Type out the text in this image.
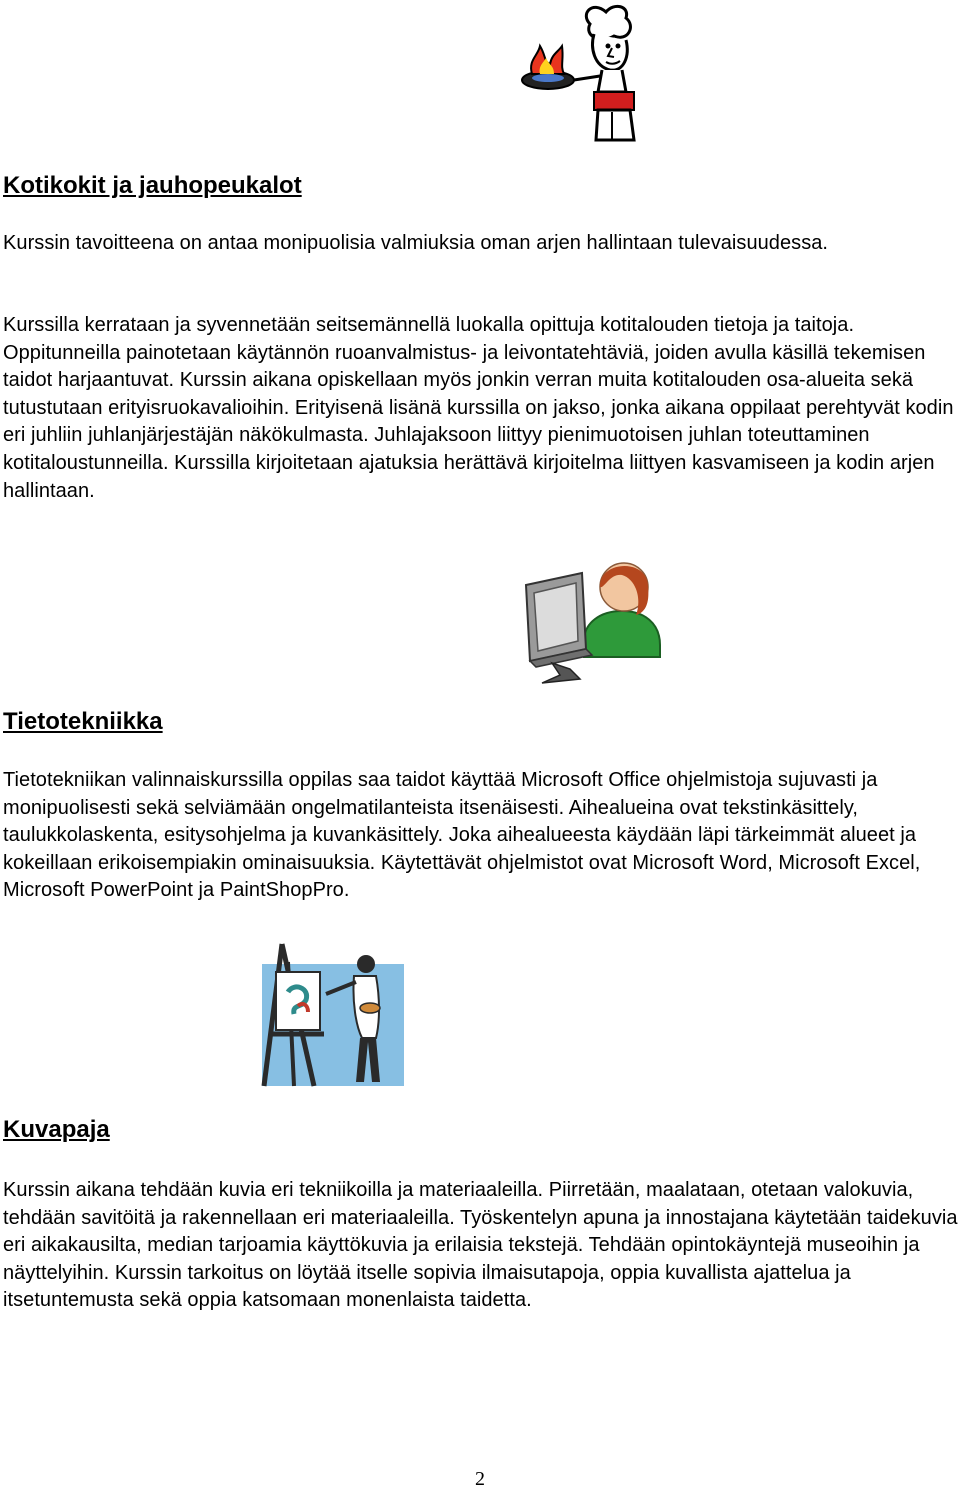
Kotikokit ja jauhopeukalot

Kurssin tavoitteena on antaa monipuolisia valmiuksia oman arjen hallintaan tulevaisuudessa.

Kurssilla kerrataan ja syvennetään seitsemännellä luokalla opittuja kotitalouden tietoja ja taitoja. Oppitunneilla painotetaan käytännön ruoanvalmistus- ja leivontatehtäviä, joiden avulla käsillä tekemisen taidot harjaantuvat. Kurssin aikana opiskellaan myös jonkin verran muita kotitalouden osa-alueita sekä tutustutaan erityisruokavalioihin. Erityisenä lisänä kurssilla on jakso, jonka aikana oppilaat perehtyvät kodin eri juhliin juhlanjärjestäjän näkökulmasta. Juhlajaksoon liittyy pienimuotoisen juhlan toteuttaminen kotitaloustunneilla. Kurssilla kirjoitetaan ajatuksia herättävä kirjoitelma liittyen kasvamiseen ja kodin arjen hallintaan.

Tietotekniikka

Tietotekniikan valinnaiskurssilla oppilas saa taidot käyttää Microsoft Office ohjelmistoja sujuvasti ja monipuolisesti sekä selviämään ongelmatilanteista itsenäisesti. Aihealueina ovat tekstinkäsittely, taulukkolaskenta, esitysohjelma ja kuvankäsittely. Joka aihealueesta käydään läpi tärkeimmät alueet ja kokeillaan erikoisempiakin ominaisuuksia. Käytettävät ohjelmistot ovat Microsoft Word, Microsoft Excel, Microsoft PowerPoint ja PaintShopPro.

Kuvapaja

Kurssin aikana tehdään kuvia eri tekniikoilla ja materiaaleilla. Piirretään, maalataan, otetaan valokuvia, tehdään savitöitä ja rakennellaan eri materiaaleilla. Työskentelyn apuna ja innostajana käytetään taidekuvia eri aikakausilta, median tarjoamia käyttökuvia ja erilaisia tekstejä. Tehdään opintokäyntejä museoihin ja näyttelyihin. Kurssin tarkoitus on löytää itselle sopivia ilmaisutapoja, oppia kuvallista ajattelua ja itsetuntemusta sekä oppia katsomaan monenlaista taidetta.

2
